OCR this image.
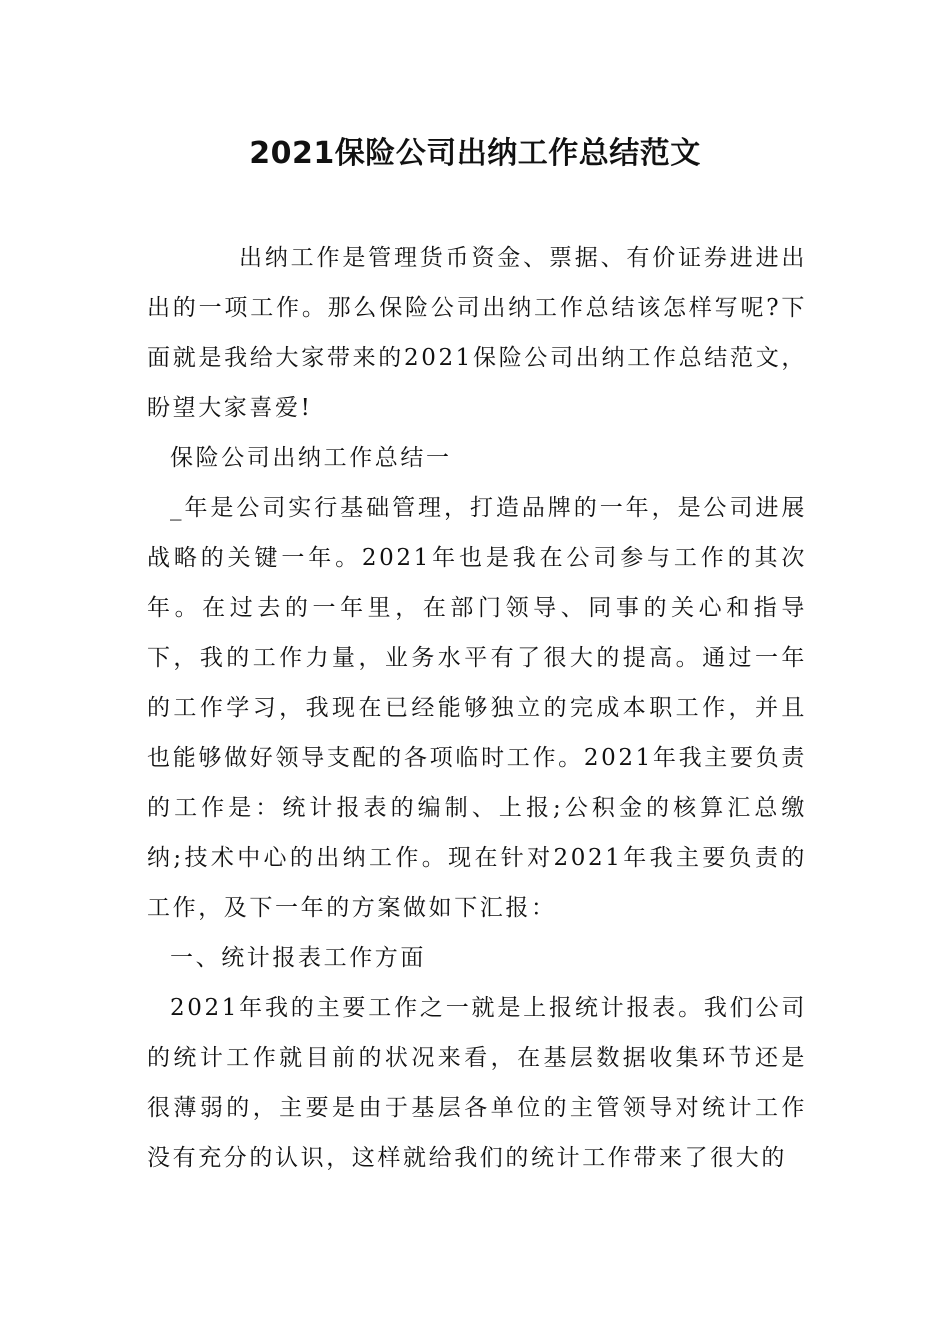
2021保险公司出纳工作总结范文

出纳工作是管理货币资金、票据、有价证券进进出出的一项工作。那么保险公司出纳工作总结该怎样写呢?下面就是我给大家带来的2021保险公司出纳工作总结范文，盼望大家喜爱!

保险公司出纳工作总结一

_年是公司实行基础管理，打造品牌的一年，是公司进展战略的关键一年。2021年也是我在公司参与工作的其次年。在过去的一年里，在部门领导、同事的关心和指导下，我的工作力量，业务水平有了很大的提高。通过一年的工作学习，我现在已经能够独立的完成本职工作，并且也能够做好领导支配的各项临时工作。2021年我主要负责的工作是：统计报表的编制、上报;公积金的核算汇总缴纳;技术中心的出纳工作。现在针对2021年我主要负责的工作，及下一年的方案做如下汇报：

一、统计报表工作方面

2021年我的主要工作之一就是上报统计报表。我们公司的统计工作就目前的状况来看，在基层数据收集环节还是很薄弱的，主要是由于基层各单位的主管领导对统计工作没有充分的认识，这样就给我们的统计工作带来了很大的
